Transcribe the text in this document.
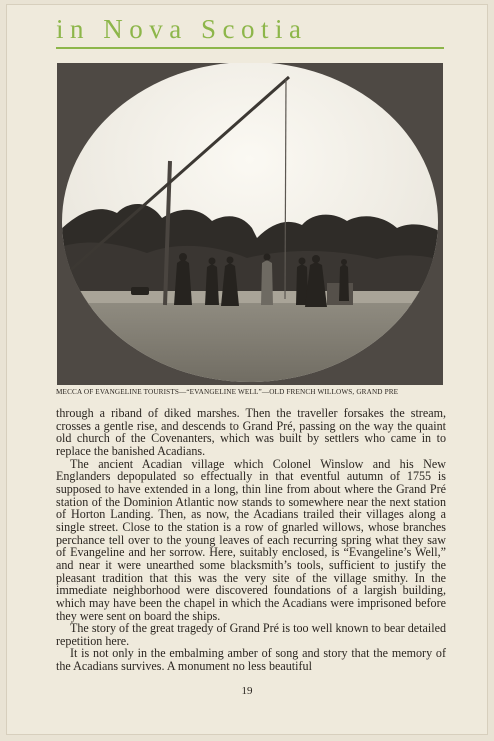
in Nova Scotia
MECCA OF EVANGELINE TOURISTS—“EVANGELINE WELL”—OLD FRENCH WILLOWS, GRAND PRE

through a riband of diked marshes. Then the traveller forsakes the stream, crosses a gentle rise, and descends to Grand Pré, passing on the way the quaint old church of the Covenanters, which was built by settlers who came in to replace the banished Acadians.

The ancient Acadian village which Colonel Winslow and his New Englanders depopulated so effectually in that eventful autumn of 1755 is supposed to have extended in a long, thin line from about where the Grand Pré station of the Dominion Atlantic now stands to somewhere near the next station of Horton Landing. Then, as now, the Acadians trailed their villages along a single street. Close to the station is a row of gnarled willows, whose branches perchance tell over to the young leaves of each recurring spring what they saw of Evangeline and her sorrow. Here, suitably enclosed, is “Evangeline’s Well,” and near it were unearthed some blacksmith’s tools, sufficient to justify the pleasant tradition that this was the very site of the village smithy. In the immediate neighborhood were discovered foundations of a largish building, which may have been the chapel in which the Acadians were imprisoned before they were sent on board the ships.

The story of the great tragedy of Grand Pré is too well known to bear detailed repetition here.

It is not only in the embalming amber of song and story that the memory of the Acadians survives. A monument no less beautiful

19
